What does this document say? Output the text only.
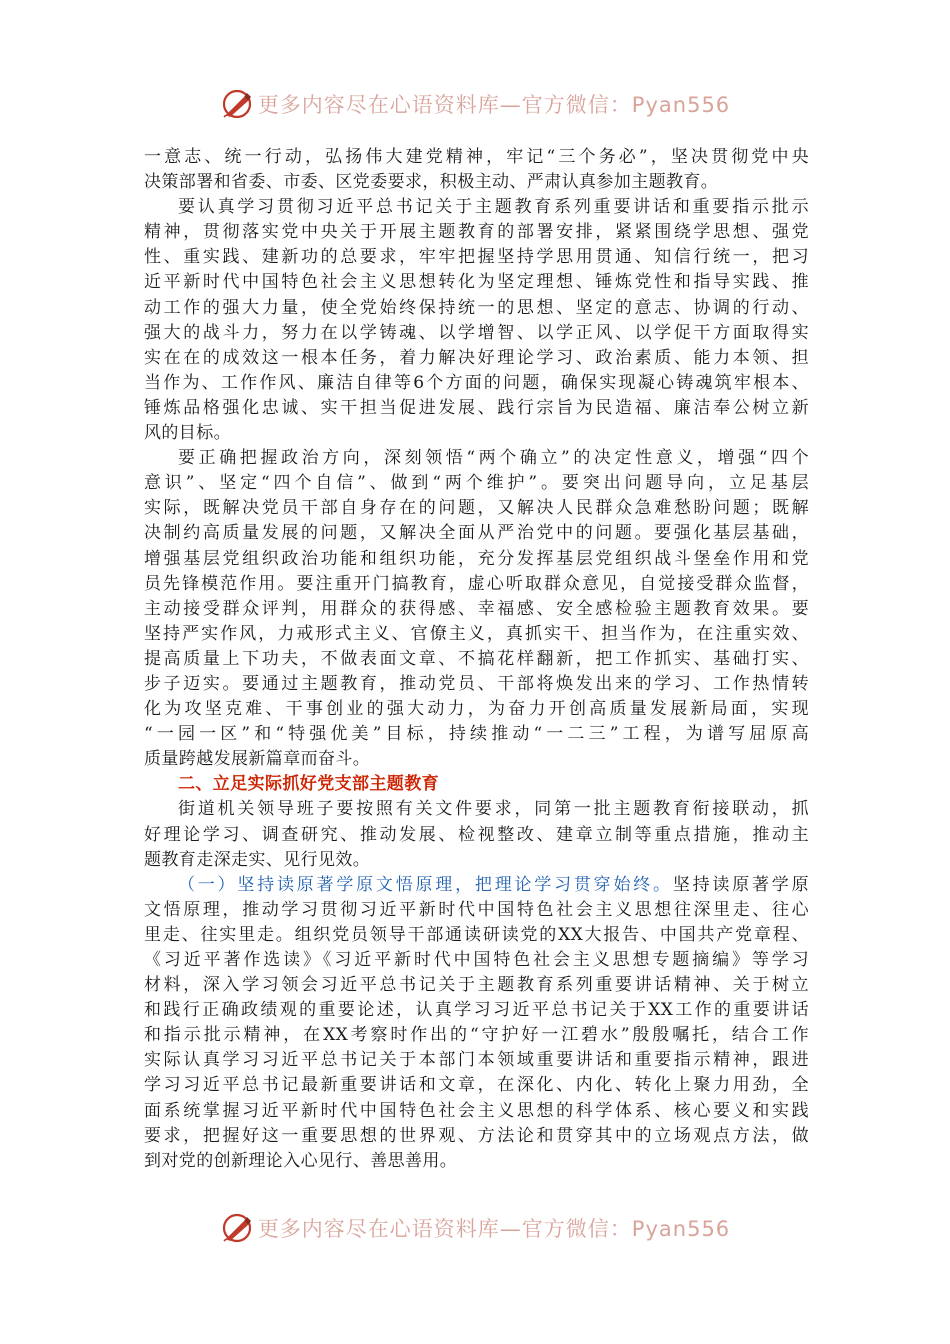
更多内容尽在心语资料库—官方微信：Pyan556
一意志、统一行动，弘扬伟大建党精神，牢记“三个务必”，坚决贯彻党中央
决策部署和省委、市委、区党委要求，积极主动、严肃认真参加主题教育。
要认真学习贯彻习近平总书记关于主题教育系列重要讲话和重要指示批示
精神，贯彻落实党中央关于开展主题教育的部署安排，紧紧围绕学思想、强党
性、重实践、建新功的总要求，牢牢把握坚持学思用贯通、知信行统一，把习
近平新时代中国特色社会主义思想转化为坚定理想、锤炼党性和指导实践、推
动工作的强大力量，使全党始终保持统一的思想、坚定的意志、协调的行动、
强大的战斗力，努力在以学铸魂、以学增智、以学正风、以学促干方面取得实
实在在的成效这一根本任务，着力解决好理论学习、政治素质、能力本领、担
当作为、工作作风、廉洁自律等6个方面的问题，确保实现凝心铸魂筑牢根本、
锤炼品格强化忠诚、实干担当促进发展、践行宗旨为民造福、廉洁奉公树立新
风的目标。
要正确把握政治方向，深刻领悟“两个确立”的决定性意义，增强“四个
意识”、坚定“四个自信”、做到“两个维护”。要突出问题导向，立足基层
实际，既解决党员干部自身存在的问题，又解决人民群众急难愁盼问题；既解
决制约高质量发展的问题，又解决全面从严治党中的问题。要强化基层基础，
增强基层党组织政治功能和组织功能，充分发挥基层党组织战斗堡垒作用和党
员先锋模范作用。要注重开门搞教育，虚心听取群众意见，自觉接受群众监督，
主动接受群众评判，用群众的获得感、幸福感、安全感检验主题教育效果。要
坚持严实作风，力戒形式主义、官僚主义，真抓实干、担当作为，在注重实效、
提高质量上下功夫，不做表面文章、不搞花样翻新，把工作抓实、基础打实、
步子迈实。要通过主题教育，推动党员、干部将焕发出来的学习、工作热情转
化为攻坚克难、干事创业的强大动力，为奋力开创高质量发展新局面，实现
“一园一区”和“特强优美”目标，持续推动“一二三”工程，为谱写屈原高
质量跨越发展新篇章而奋斗。
二、立足实际抓好党支部主题教育
街道机关领导班子要按照有关文件要求，同第一批主题教育衔接联动，抓
好理论学习、调查研究、推动发展、检视整改、建章立制等重点措施，推动主
题教育走深走实、见行见效。
（一）坚持读原著学原文悟原理，把理论学习贯穿始终。坚持读原著学原
文悟原理，推动学习贯彻习近平新时代中国特色社会主义思想往深里走、往心
里走、往实里走。组织党员领导干部通读研读党的XX大报告、中国共产党章程、
《习近平著作选读》《习近平新时代中国特色社会主义思想专题摘编》等学习
材料，深入学习领会习近平总书记关于主题教育系列重要讲话精神、关于树立
和践行正确政绩观的重要论述，认真学习习近平总书记关于XX工作的重要讲话
和指示批示精神，在XX考察时作出的“守护好一江碧水”殷殷嘱托，结合工作
实际认真学习习近平总书记关于本部门本领域重要讲话和重要指示精神，跟进
学习习近平总书记最新重要讲话和文章，在深化、内化、转化上聚力用劲，全
面系统掌握习近平新时代中国特色社会主义思想的科学体系、核心要义和实践
要求，把握好这一重要思想的世界观、方法论和贯穿其中的立场观点方法，做
到对党的创新理论入心见行、善思善用。
更多内容尽在心语资料库—官方微信：Pyan556
